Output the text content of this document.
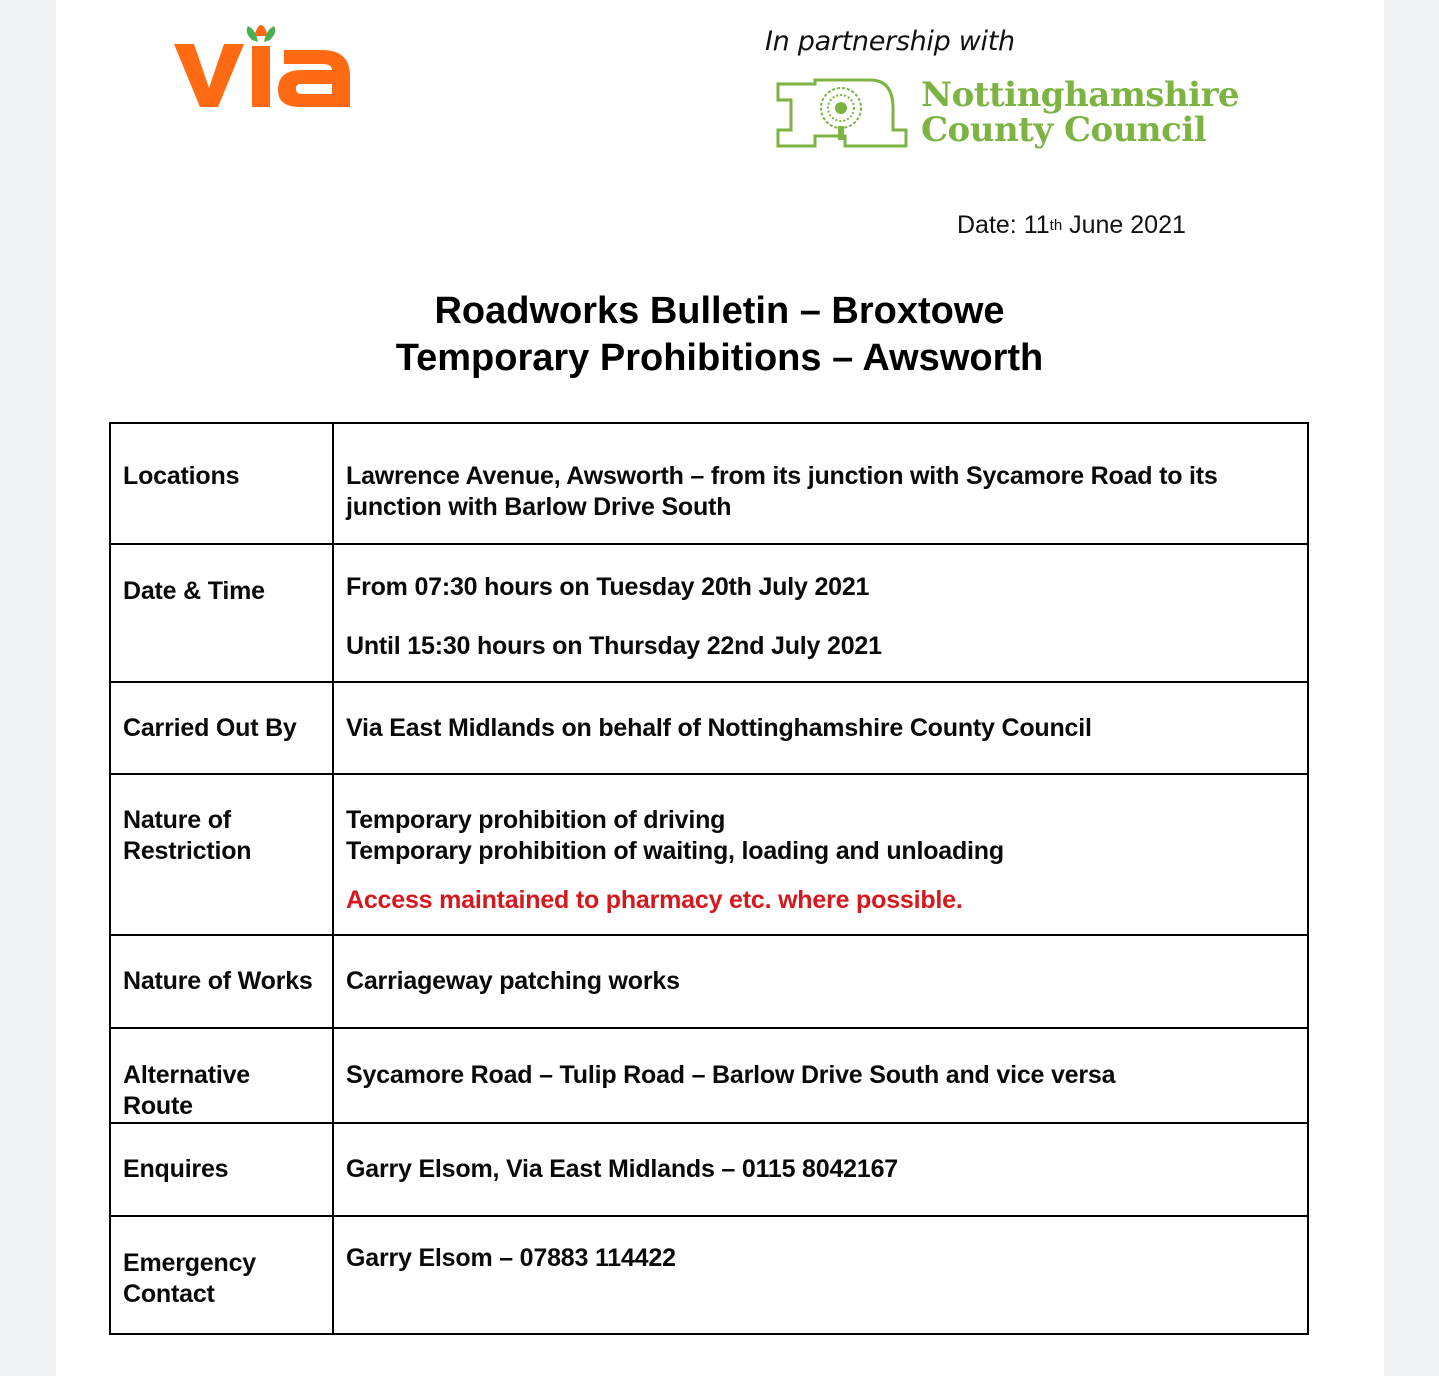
In partnership with
Nottinghamshire
County Council
Date: 11th June 2021
Roadworks Bulletin – Broxtowe
Temporary Prohibitions – Awsworth
Locations	Lawrence Avenue, Awsworth – from its junction with Sycamore Road to its junction with Barlow Drive South

Date & Time	From 07:30 hours on Tuesday 20th July 2021
Until 15:30 hours on Thursday 22nd July 2021

Carried Out By	Via East Midlands on behalf of Nottinghamshire County Council

Nature of Restriction	Temporary prohibition of driving
Temporary prohibition of waiting, loading and unloading
Access maintained to pharmacy etc. where possible.

Nature of Works	Carriageway patching works

Alternative Route	Sycamore Road – Tulip Road – Barlow Drive South and vice versa

Enquires	Garry Elsom, Via East Midlands – 0115 8042167

Emergency Contact	Garry Elsom – 07883 114422
